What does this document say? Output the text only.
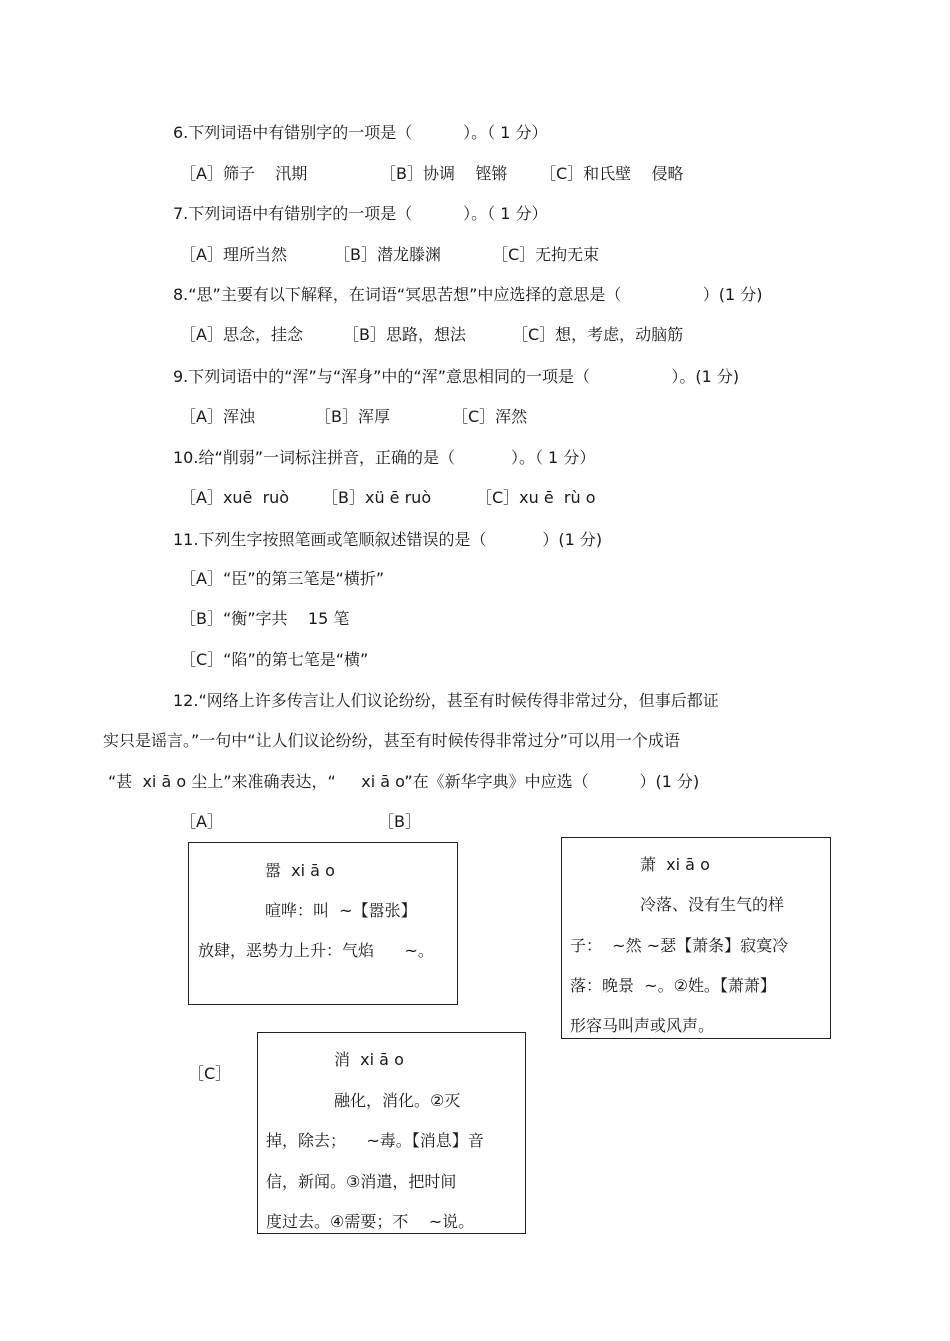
6.下列词语中有错别字的一项是（          ）。（ 1 分）
［A］筛子    汛期	［B］协调    铿锵 ［C］和氏壁    侵略
7.下列词语中有错别字的一项是（          ）。（ 1 分）
［A］理所当然	［B］潜龙滕渊	［C］无拘无束
8.“思”主要有以下解释，在词语“冥思苦想”中应选择的意思是（                ）(1 分)
［A］思念，挂念	［B］思路，想法	［C］想，考虑，动脑筋
9.下列词语中的“浑”与“浑身”中的“浑”意思相同的一项是（                ）。(1 分)
［A］浑浊	［B］浑厚	［C］浑然
10.给“削弱”一词标注拼音，正确的是（           ）。（ 1 分）
［A］xuē  ruò ［B］xü ē ruò	［C］xu ē  rù o
11.下列生字按照笔画或笔顺叙述错误的是（           ）(1 分)
［A］“臣”的第三笔是“横折”
［B］“衡”字共    15 笔
［C］“陷”的第七笔是“横”
12.“网络上许多传言让人们议论纷纷，甚至有时候传得非常过分，但事后都证
实只是谣言。”一句中“让人们议论纷纷，甚至有时候传得非常过分”可以用一个成语
“甚  xi ā o 尘上”来准确表达，“     xi ā o”在《新华字典》中应选（          ）(1 分)
［A］	［B］
［C］
嚣  xi ā o
喧哗：叫  ~【嚣张】
放肆，恶势力上升：气焰      ~。
萧  xi ā o
冷落、没有生气的样
子：  ~然 ~瑟【萧条】寂寞冷
落：晚景  ~。②姓。【萧萧】
形容马叫声或风声。
消  xi ā o
融化，消化。②灭
掉，除去；    ~毒。【消息】音
信，新闻。③消遣，把时间
度过去。④需要；不    ~说。
